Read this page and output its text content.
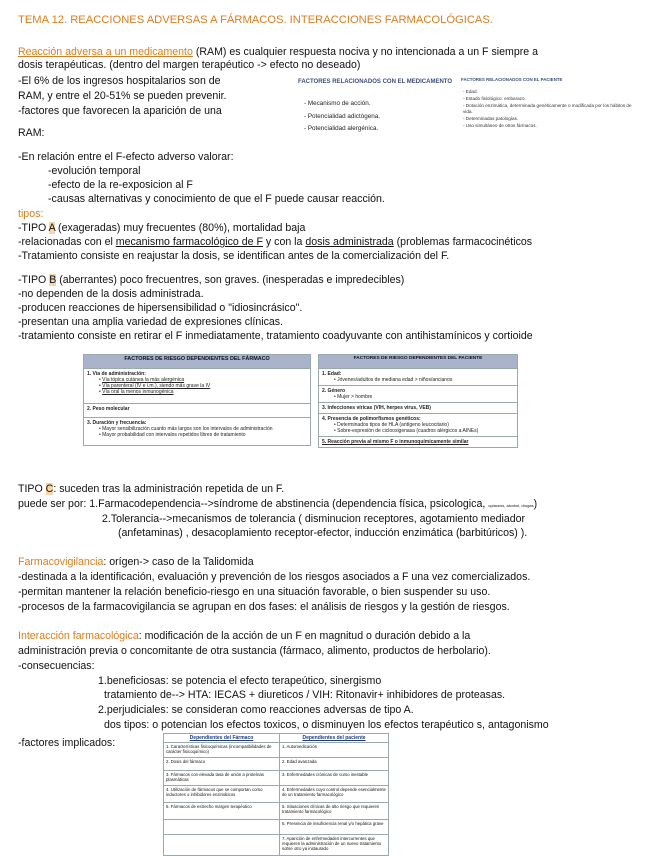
TEMA 12. REACCIONES ADVERSAS A FÁRMACOS. INTERACCIONES FARMACOLÓGICAS.
Reacción adversa a un medicamento (RAM) es cualquier respuesta nociva y no intencionada a un F siempre a
dosis terapéuticas. (dentro del margen terapéutico -> efecto no deseado)
-El 6% de los ingresos hospitalarios son de
RAM, y entre el 20-51% se pueden prevenir.
-factores que favorecen la aparición de una
RAM:
FACTORES RELACIONADOS CON EL MEDICAMENTO
- Mecanismo de acción.
- Potencialidad adictógena.
- Potencialidad alergénica.
FACTORES RELACIONADOS CON EL PACIENTE
- Edad.
- Estado fisiológico: embarazo.
- Dotación enzimática, determinada genéticamente o modificada por los hábitos de vida.
- Determinadas patologías.
- Uso simultáneo de otros fármacos.
-En relación entre el F-efecto adverso valorar:
-evolución temporal
-efecto de la re-exposicion al F
-causas alternativas y conocimiento de que el F puede causar reacción.
tipos:
-TIPO A (exageradas) muy frecuentes (80%), mortalidad baja
-relacionadas con el mecanismo farmacológico de F y con la dosis administrada (problemas farmacocinéticos
-Tratamiento consiste en reajustar la dosis, se identifican antes de la comercialización del F.
-TIPO B (aberrantes) poco frecuentres, son graves. (inesperadas e impredecibles)
-no dependen de la dosis administrada.
-producen reacciones de hipersensibilidad o "idiosincrásico".
-presentan una amplia variedad de expresiones clínicas.
-tratamiento consiste en retirar el F inmediatamente, tratamiento coadyuvante con antihistamínicos y cortioide
FACTORES DE RIESGO DEPENDIENTES DEL FÁRMACO

1. Vía de administración:
• Vía tópica cutánea la más alergénica
• Vía parenteral (IV e i.m.), siendo más grave la IV
• Vía oral la menos inmunogénica

2. Peso molecular

3. Duración y frecuencia:
• Mayor sensibilización cuanto más largos son los intervalos de administración
• Mayor probabilidad con intervalos repetidos libres de tratamiento
FACTORES DE RIESGO DEPENDIENTES DEL PACIENTE

1. Edad:
• Jóvenes/adultos de mediana edad > niños/ancianos

2. Género
• Mujer > hombre

3. Infecciones víricas (VIH, herpes virus, VEB)

4. Presencia de polimorfismos genéticos:
• Determinados tipos de HLA (antígeno leucocitario)
• Sobre-expresión de ciclooxigenasa (cuadros alérgicos a AINEs)

5. Reacción previa al mismo F o inmunoquímicamente similar
TIPO C: suceden tras la administración repetida de un F.
puede ser por: 1.Farmacodependencia-->síndrome de abstinencia (dependencia física, psicologica, opiaceos, alcohol, drogas)
2.Tolerancia-->mecanismos de tolerancia ( disminucion receptores, agotamiento mediador
(anfetaminas) , desacoplamiento receptor-efector, inducción enzimática (barbitúricos) ).
Farmacovigilancia: orígen-> caso de la Talidomida
-destinada a la identificación, evaluación y prevención de los riesgos asociados a F una vez comercializados.
-permitan mantener la relación beneficio-riesgo en una situación favorable, o bien suspender su uso.
-procesos de la farmacovigilancia se agrupan en dos fases: el análisis de riesgos y la gestión de riesgos.
Interacción farmacológica: modificación de la acción de un F en magnitud o duración debido a la
administración previa o concomitante de otra sustancia (fármaco, alimento, productos de herbolario).
-consecuencias:
1.beneficiosas: se potencia el efecto terapeútico, sinergismo
tratamiento de--> HTA: IECAS + diureticos / VIH: Ritonavir+ inhibidores de proteasas.
2.perjudiciales: se consideran como reacciones adversas de tipo A.
dos tipos: o potencian los efectos toxicos, o disminuyen los efectos terapéutico s, antagonismo
-factores implicados:	Dependientes del Fármaco	Dependientes del paciente
1. Características fisicoquímicas (incompatibilidades de carácter fisicoquímico)	1. Automedicación
2. Dosis del fármaco	2. Edad avanzada
3. Fármacos con elevada tasa de unión a proteínas plasmáticas	3. Enfermedades crónicas de curso inestable
4. Utilización de fármacos que se comportan como inductores o inhibidores enzimáticos	4. Enfermedades cuyo control depende esencialmente de un tratamiento farmacológico
5. Fármacos de estrecho margen terapéutico	5. Situaciones clínicas de alto riesgo que requieren tratamiento farmacológico
	6. Presencia de insuficiencia renal y/o hepática grave
	7. Aparición de enfermedades intercurrentes que requieren la administración de un nuevo tratamiento sobre otro ya instaurado
